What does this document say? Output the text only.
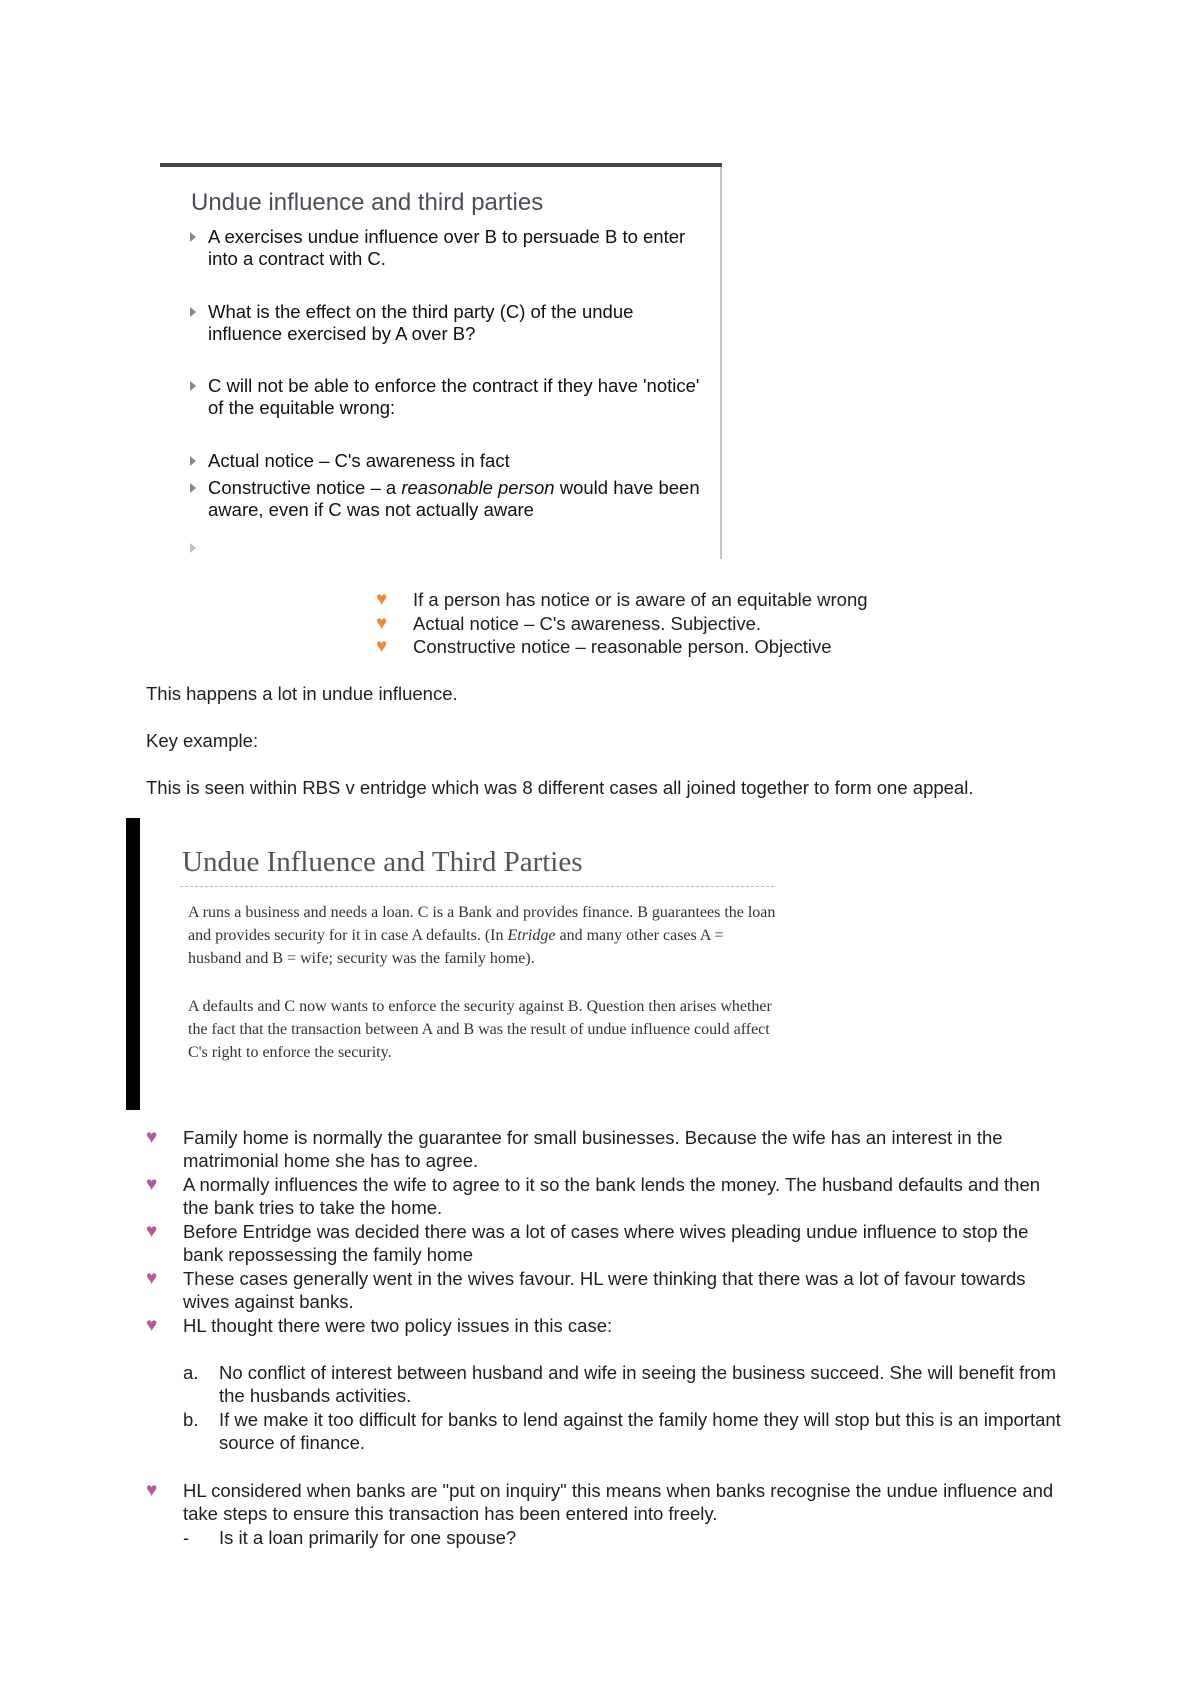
Undue influence and third parties
A exercises undue influence over B to persuade B to enter into a contract with C.
What is the effect on the third party (C) of the undue influence exercised by A over B?
C will not be able to enforce the contract if they have 'notice' of the equitable wrong:
Actual notice – C's awareness in fact
Constructive notice – a reasonable person would have been aware, even if C was not actually aware
♥ If a person has notice or is aware of an equitable wrong
♥ Actual notice – C's awareness. Subjective.
♥ Constructive notice – reasonable person. Objective
This happens a lot in undue influence.
Key example:
This is seen within RBS v entridge which was 8 different cases all joined together to form one appeal.
Undue Influence and Third Parties
A runs a business and needs a loan. C is a Bank and provides finance. B guarantees the loan and provides security for it in case A defaults. (In Etridge and many other cases A = husband and B = wife; security was the family home).
A defaults and C now wants to enforce the security against B. Question then arises whether the fact that the transaction between A and B was the result of undue influence could affect C's right to enforce the security.
♥ Family home is normally the guarantee for small businesses. Because the wife has an interest in the matrimonial home she has to agree.
♥ A normally influences the wife to agree to it so the bank lends the money. The husband defaults and then the bank tries to take the home.
♥ Before Entridge was decided there was a lot of cases where wives pleading undue influence to stop the bank repossessing the family home
♥ These cases generally went in the wives favour. HL were thinking that there was a lot of favour towards wives against banks.
♥ HL thought there were two policy issues in this case:
a. No conflict of interest between husband and wife in seeing the business succeed. She will benefit from the husbands activities.
b. If we make it too difficult for banks to lend against the family home they will stop but this is an important source of finance.
♥ HL considered when banks are "put on inquiry" this means when banks recognise the undue influence and take steps to ensure this transaction has been entered into freely.
- Is it a loan primarily for one spouse?
